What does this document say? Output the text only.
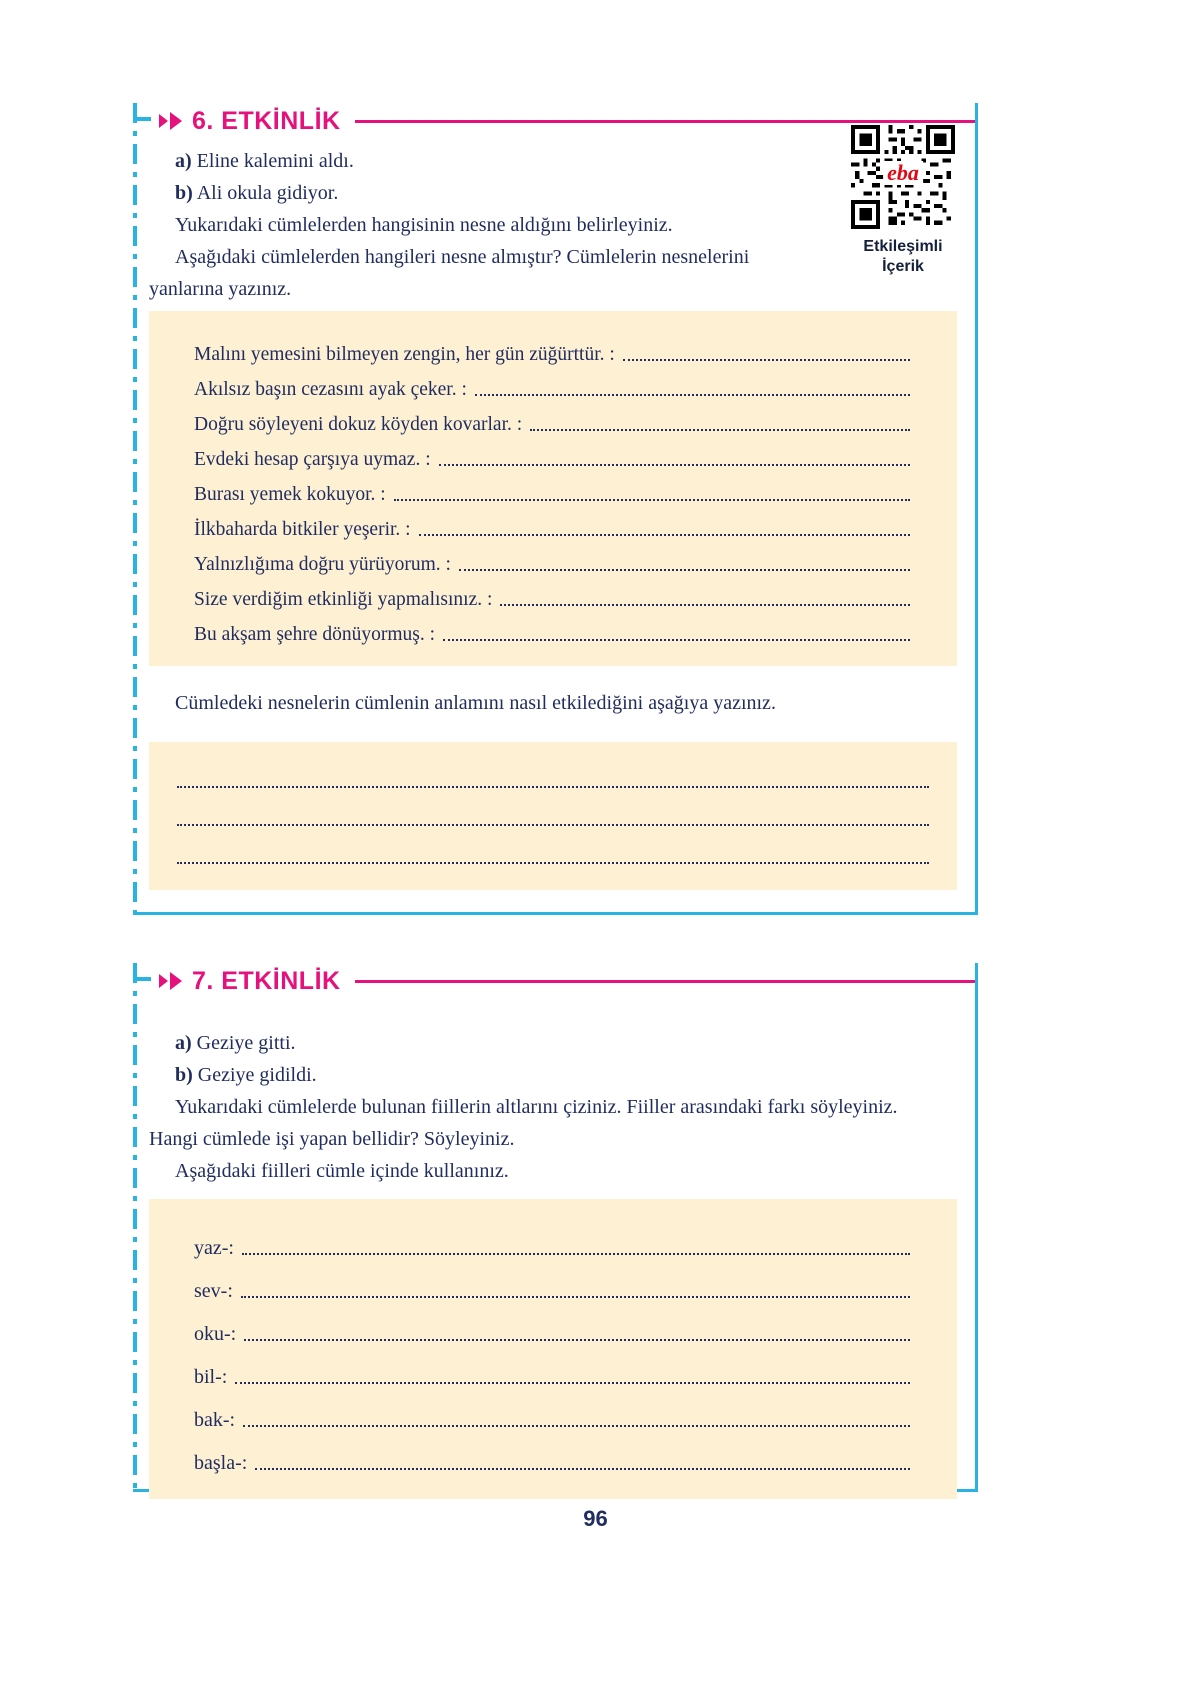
6. ETKİNLİK
eba
Etkileşimli
İçerik

a) Eline kalemini aldı.

b) Ali okula gidiyor.

Yukarıdaki cümlelerden hangisinin nesne aldığını belirleyiniz.

Aşağıdaki cümlelerden hangileri nesne almıştır? Cümlelerin nesnelerini yanlarına yazınız.

Malını yemesini bilmeyen zengin, her gün züğürttür. :
Akılsız başın cezasını ayak çeker. :
Doğru söyleyeni dokuz köyden kovarlar. :
Evdeki hesap çarşıya uymaz. :
Burası yemek kokuyor. :
İlkbaharda bitkiler yeşerir. :
Yalnızlığıma doğru yürüyorum. :
Size verdiğim etkinliği yapmalısınız. :
Bu akşam şehre dönüyormuş. :

Cümledeki nesnelerin cümlenin anlamını nasıl etkilediğini aşağıya yazınız.

7. ETKİNLİK

a) Geziye gitti.

b) Geziye gidildi.

Yukarıdaki cümlelerde bulunan fiillerin altlarını çiziniz. Fiiller arasındaki farkı söyleyiniz. Hangi cümlede işi yapan bellidir? Söyleyiniz.

Aşağıdaki fiilleri cümle içinde kullanınız.

yaz-:
sev-:
oku-:
bil-:
bak-:
başla-:
96
